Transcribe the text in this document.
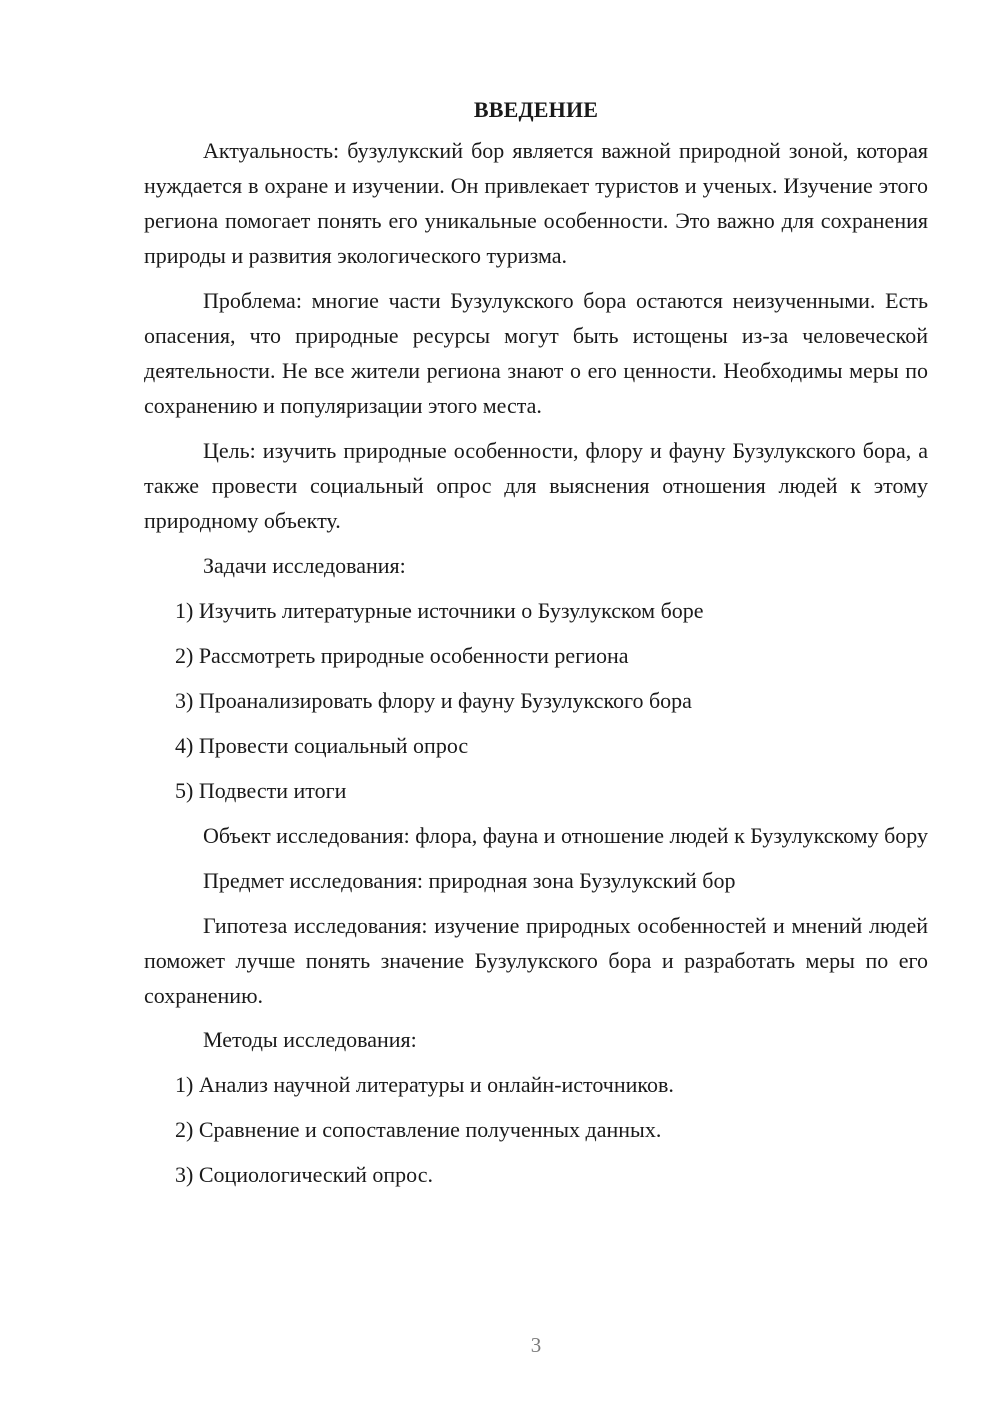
ВВЕДЕНИЕ

Актуальность: бузулукский бор является важной природной зоной, которая нуждается в охране и изучении. Он привлекает туристов и ученых. Изучение этого региона помогает понять его уникальные особенности. Это важно для сохранения природы и развития экологического туризма.

Проблема: многие части Бузулукского бора остаются неизученными. Есть опасения, что природные ресурсы могут быть истощены из-за человеческой деятельности. Не все жители региона знают о его ценности. Необходимы меры по сохранению и популяризации этого места.

Цель: изучить природные особенности, флору и фауну Бузулукского бора, а также провести социальный опрос для выяснения отношения людей к этому природному объекту.

Задачи исследования:

1) Изучить литературные источники о Бузулукском боре
2) Рассмотреть природные особенности региона
3) Проанализировать флору и фауну Бузулукского бора
4) Провести социальный опрос
5) Подвести итоги

Объект исследования: флора, фауна и отношение людей к Бузулукскому бору

Предмет исследования: природная зона Бузулукский бор

Гипотеза исследования: изучение природных особенностей и мнений людей поможет лучше понять значение Бузулукского бора и разработать меры по его сохранению.

Методы исследования:

1) Анализ научной литературы и онлайн-источников.
2) Сравнение и сопоставление полученных данных.
3) Социологический опрос.
3
